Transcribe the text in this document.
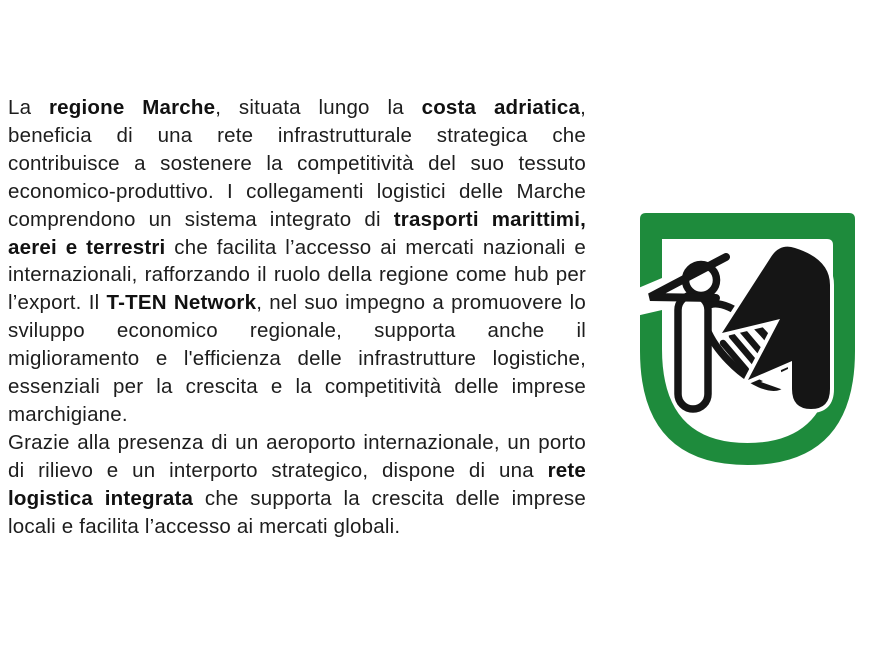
La regione Marche, situata lungo la costa adriatica, beneficia di una rete infrastrutturale strategica che contribuisce a sostenere la competitività del suo tessuto economico-produttivo. I collegamenti logistici delle Marche comprendono un sistema integrato di trasporti marittimi, aerei e terrestri che facilita l’accesso ai mercati nazionali e internazionali, rafforzando il ruolo della regione come hub per l’export. Il T-TEN Network, nel suo impegno a promuovere lo sviluppo economico regionale, supporta anche il miglioramento e l'efficienza delle infrastrutture logistiche, essenziali per la crescita e la competitività delle imprese marchigiane.

Grazie alla presenza di un aeroporto internazionale, un porto di rilievo e un interporto strategico, dispone di una rete logistica integrata che supporta la crescita delle imprese locali e facilita l’accesso ai mercati globali.
